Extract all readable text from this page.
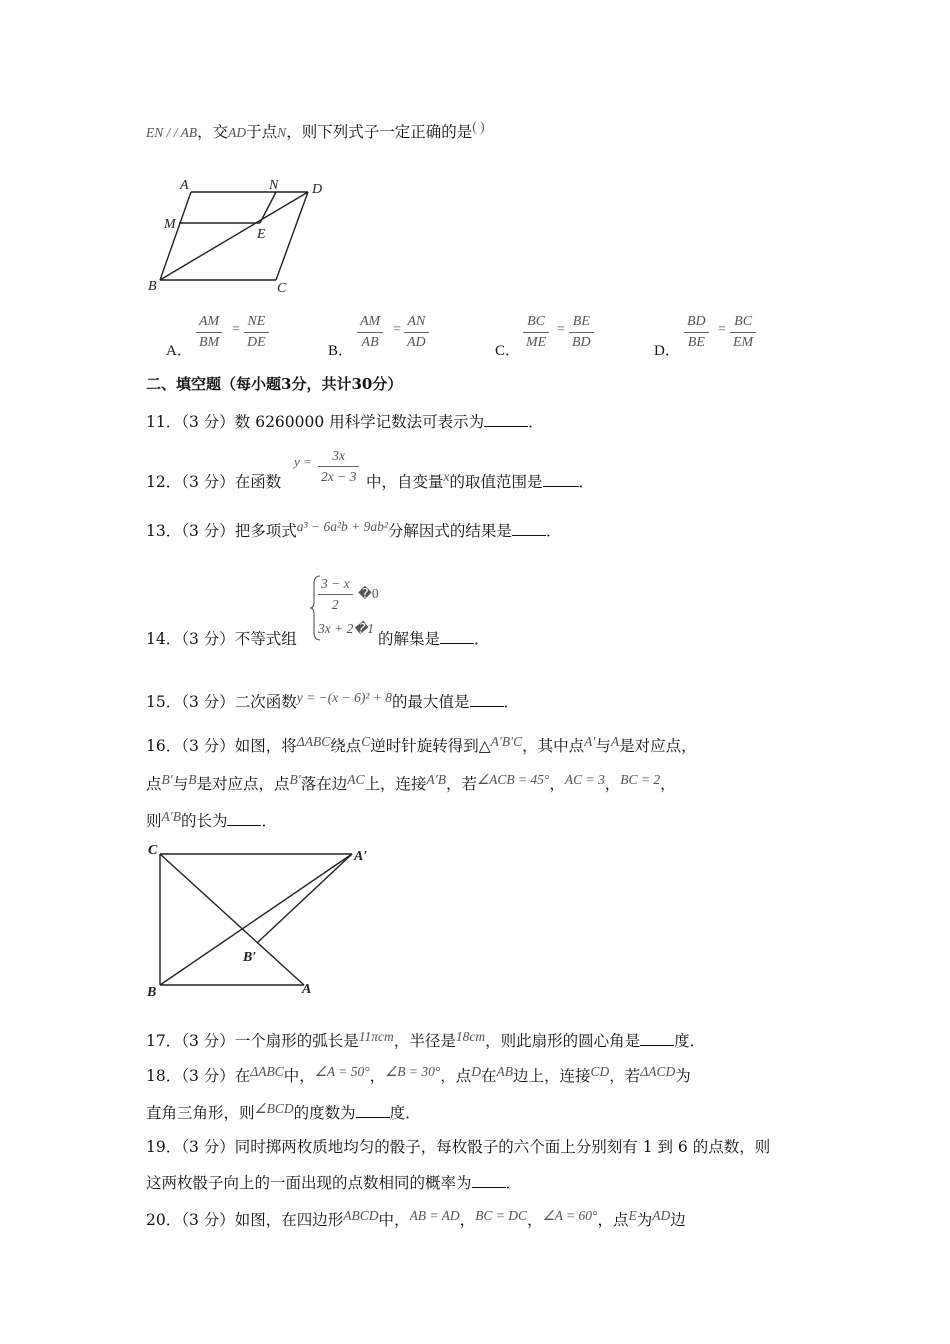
EN / / AB，交AD于点N，则下列式子一定正确的是( )
A	N D
M
E
B	C
A． $\frac{AM}{BM} = \frac{NE}{DE}$	B． $\frac{AM}{AB} = \frac{AN}{AD}$	C． $\frac{BC}{ME} = \frac{BE}{BD}$	D． $\frac{BD}{BE} = \frac{BC}{EM}$
二、填空题（每小题3分，共计30分）
11．（3 分）数 6260000 用科学记数法可表示为	．
12．（3 分）在函数
$y = \frac{3x}{2x - 3}$ 中，自变量x的取值范围是 ．
13．（3 分）把多项式a³ − 6a²b + 9ab²分解因式的结果是 ．
14．（3 分）不等式组
$\frac{3 - x}{2}$ �0
3x + 2�1
的解集是 ．
15．（3 分）二次函数y = −(x − 6)² + 8的最大值是 ．
16．（3 分）如图，将ΔABC绕点C逆时针旋转得到△A′B′C，其中点A′与A是对应点，
点B′与B是对应点，点B′落在边AC上，连接A′B，若∠ACB = 45°，AC = 3，BC = 2，
则A′B的长为 ．
C	A′
B′
B	A
17．（3 分）一个扇形的弧长是11πcm，半径是18cm，则此扇形的圆心角是 度．
18．（3 分）在ΔABC中，∠A = 50°，∠B = 30°，点D在AB边上，连接CD，若ΔACD为
直角三角形，则∠BCD的度数为 度．
19．（3 分）同时掷两枚质地均匀的骰子，每枚骰子的六个面上分别刻有 1 到 6 的点数，则
这两枚骰子向上的一面出现的点数相同的概率为 ．
20．（3 分）如图，在四边形ABCD中，AB = AD，BC = DC，∠A = 60°，点E为AD边
